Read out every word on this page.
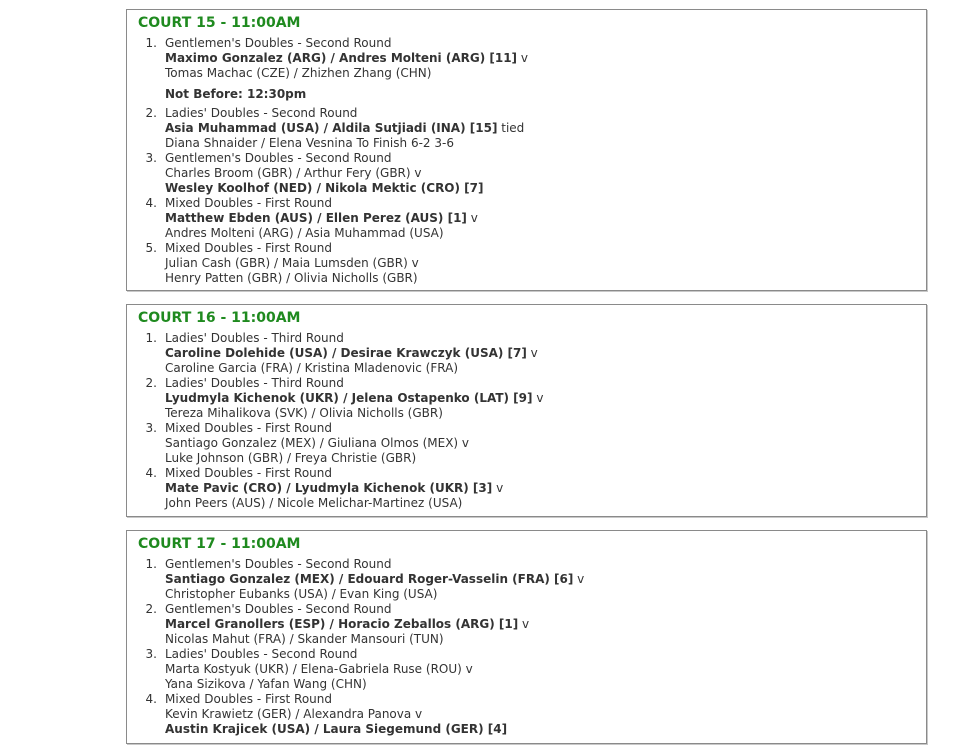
COURT 15 - 11:00AM
1. Gentlemen's Doubles - Second Round
Maximo Gonzalez (ARG) / Andres Molteni (ARG) [11] v
Tomas Machac (CZE) / Zhizhen Zhang (CHN)
Not Before: 12:30pm
2. Ladies' Doubles - Second Round
Asia Muhammad (USA) / Aldila Sutjiadi (INA) [15] tied
Diana Shnaider / Elena Vesnina To Finish 6-2 3-6
3. Gentlemen's Doubles - Second Round
Charles Broom (GBR) / Arthur Fery (GBR) v
Wesley Koolhof (NED) / Nikola Mektic (CRO) [7]
4. Mixed Doubles - First Round
Matthew Ebden (AUS) / Ellen Perez (AUS) [1] v
Andres Molteni (ARG) / Asia Muhammad (USA)
5. Mixed Doubles - First Round
Julian Cash (GBR) / Maia Lumsden (GBR) v
Henry Patten (GBR) / Olivia Nicholls (GBR)
COURT 16 - 11:00AM
1. Ladies' Doubles - Third Round
Caroline Dolehide (USA) / Desirae Krawczyk (USA) [7] v
Caroline Garcia (FRA) / Kristina Mladenovic (FRA)
2. Ladies' Doubles - Third Round
Lyudmyla Kichenok (UKR) / Jelena Ostapenko (LAT) [9] v
Tereza Mihalikova (SVK) / Olivia Nicholls (GBR)
3. Mixed Doubles - First Round
Santiago Gonzalez (MEX) / Giuliana Olmos (MEX) v
Luke Johnson (GBR) / Freya Christie (GBR)
4. Mixed Doubles - First Round
Mate Pavic (CRO) / Lyudmyla Kichenok (UKR) [3] v
John Peers (AUS) / Nicole Melichar-Martinez (USA)
COURT 17 - 11:00AM
1. Gentlemen's Doubles - Second Round
Santiago Gonzalez (MEX) / Edouard Roger-Vasselin (FRA) [6] v
Christopher Eubanks (USA) / Evan King (USA)
2. Gentlemen's Doubles - Second Round
Marcel Granollers (ESP) / Horacio Zeballos (ARG) [1] v
Nicolas Mahut (FRA) / Skander Mansouri (TUN)
3. Ladies' Doubles - Second Round
Marta Kostyuk (UKR) / Elena-Gabriela Ruse (ROU) v
Yana Sizikova / Yafan Wang (CHN)
4. Mixed Doubles - First Round
Kevin Krawietz (GER) / Alexandra Panova v
Austin Krajicek (USA) / Laura Siegemund (GER) [4]
